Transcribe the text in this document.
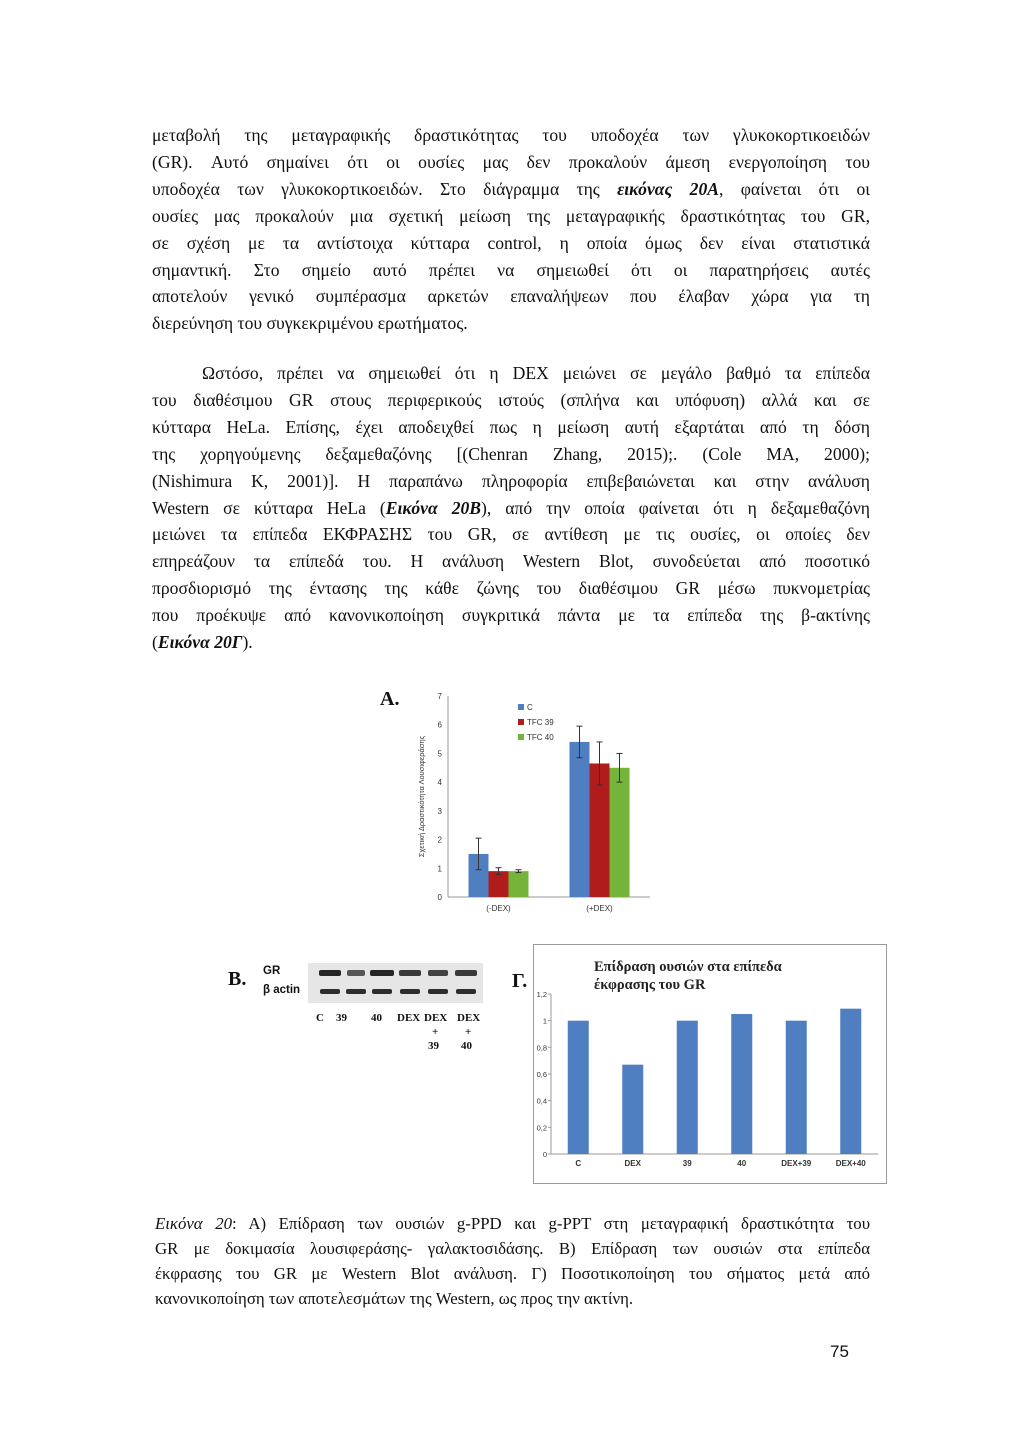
μεταβολή της μεταγραφικής δραστικότητας του υποδοχέα των γλυκοκορτικοειδών
(GR). Αυτό σημαίνει ότι οι ουσίες μας δεν προκαλούν άμεση ενεργοποίηση του
υποδοχέα των γλυκοκορτικοειδών. Στο διάγραμμα της εικόνας 20Α, φαίνεται ότι οι
ουσίες μας προκαλούν μια σχετική μείωση της μεταγραφικής δραστικότητας του GR,
σε σχέση με τα αντίστοιχα κύτταρα control, η οποία όμως δεν είναι στατιστικά
σημαντική. Στο σημείο αυτό πρέπει να σημειωθεί ότι οι παρατηρήσεις αυτές
αποτελούν γενικό συμπέρασμα αρκετών επαναλήψεων που έλαβαν χώρα για τη
διερεύνηση του συγκεκριμένου ερωτήματος.
Ωστόσο, πρέπει να σημειωθεί ότι η DEX μειώνει σε μεγάλο βαθμό τα επίπεδα
του διαθέσιμου GR στους περιφερικούς ιστούς (σπλήνα και υπόφυση) αλλά και σε
κύτταρα HeLa. Επίσης, έχει αποδειχθεί πως η μείωση αυτή εξαρτάται από τη δόση
της χορηγούμενης δεξαμεθαζόνης [(Chenran Zhang, 2015);. (Cole MA, 2000);
(Nishimura K, 2001)]. Η παραπάνω πληροφορία επιβεβαιώνεται και στην ανάλυση
Western σε κύτταρα HeLa (Εικόνα 20Β), από την οποία φαίνεται ότι η δεξαμεθαζόνη
μειώνει τα επίπεδα ΕΚΦΡΑΣΗΣ του GR, σε αντίθεση με τις ουσίες, οι οποίες δεν
επηρεάζουν τα επίπεδά του. Η ανάλυση Western Blot, συνοδεύεται από ποσοτικό
προσδιορισμό της έντασης της κάθε ζώνης του διαθέσιμου GR μέσω πυκνομετρίας
που προέκυψε από κανονικοποίηση συγκριτικά πάντα με τα επίπεδα της β-ακτίνης
(Εικόνα 20Γ).
A.
0
1
2
3
4
5
6
7
Σχετική Δραστικότητα Λουσιφεράσης
C
TFC 39
TFC 40
(-DEX)	(+DEX)
B. GR
β actin
C 39 40 DEX DEX DEX
+ +
39 40
Γ.
Επίδραση ουσιών στα επίπεδα
έκφρασης του GR
0
0,2
0,4
0,6
0,8
1
1,2
C	DEX	39	40	DEX+39	DEX+40
Εικόνα 20: Α) Επίδραση των ουσιών g-PPD και g-PPT στη μεταγραφική δραστικότητα του
GR με δοκιμασία λουσιφεράσης- γαλακτοσιδάσης. Β) Επίδραση των ουσιών στα επίπεδα
έκφρασης του GR με Western Blot ανάλυση. Γ) Ποσοτικοποίηση του σήματος μετά από
κανονικοποίηση των αποτελεσμάτων της Western, ως προς την ακτίνη.
75
